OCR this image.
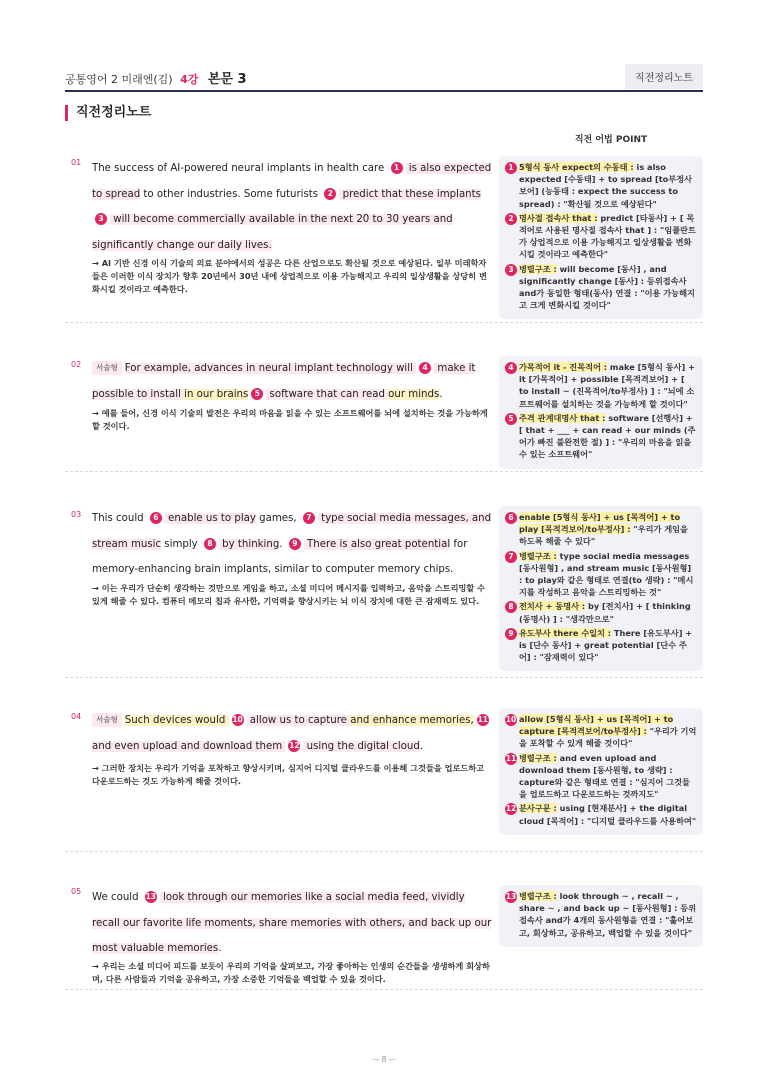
공통영어 2 미래엔(김) 4강 본문 3	직전정리노트
직전정리노트
직전 어법 POINT
01
The success of AI-powered neural implants in health care 1 is also expected to spread to other industries. Some futurists 2 predict that these implants 3 will become commercially available in the next 20 to 30 years and significantly change our daily lives.
→ AI 기반 신경 이식 기술의 의료 분야에서의 성공은 다른 산업으로도 확산될 것으로 예상된다. 일부 미래학자들은 이러한 이식 장치가 향후 20년에서 30년 내에 상업적으로 이용 가능해지고 우리의 일상생활을 상당히 변화시킬 것이라고 예측한다.
1 5형식 동사 expect의 수동태 : is also expected [수동태] + to spread [to부정사 보어] (능동태 : expect the success to spread) : "확산될 것으로 예상된다"
2 명사절 접속사 that : predict [타동사] + [ 목적어로 사용된 명사절 접속사 that ] : "임플란트가 상업적으로 이용 가능해지고 일상생활을 변화시킬 것이라고 예측한다"
3 병렬구조 : will become [동사] , and significantly change [동사] : 등위접속사 and가 동일한 형태(동사) 연결 : "이용 가능해지고 크게 변화시킬 것이다"
02	서술형 For example, advances in neural implant technology will 4 make it possible to install in our brains 5 software that can read our minds.
→ 예를 들어, 신경 이식 기술의 발전은 우리의 마음을 읽을 수 있는 소프트웨어를 뇌에 설치하는 것을 가능하게 할 것이다.
4 가목적어 it - 진목적어 : make [5형식 동사] + it [가목적어] + possible [목적격보어] + [ to install ~ (진목적어/to부정사) ] : "뇌에 소프트웨어를 설치하는 것을 가능하게 할 것이다"
5 주격 관계대명사 that : software [선행사] + [ that + ___ + can read + our minds (주어가 빠진 불완전한 절) ] : "우리의 마음을 읽을 수 있는 소프트웨어"
03 This could 6 enable us to play games, 7 type social media messages, and stream music simply 8 by thinking. 9 There is also great potential for memory-enhancing brain implants, similar to computer memory chips.
→ 이는 우리가 단순히 생각하는 것만으로 게임을 하고, 소셜 미디어 메시지를 입력하고, 음악을 스트리밍할 수 있게 해줄 수 있다. 컴퓨터 메모리 칩과 유사한, 기억력을 향상시키는 뇌 이식 장치에 대한 큰 잠재력도 있다.
6 enable [5형식 동사] + us [목적어] + to play [목적격보어/to부정사] : "우리가 게임을 하도록 해줄 수 있다"
7 병렬구조 : type social media messages [동사원형] , and stream music [동사원형] : to play와 같은 형태로 연결(to 생략) : "메시지를 작성하고 음악을 스트리밍하는 것"
8 전치사 + 동명사 : by [전치사] + [ thinking (동명사) ] : "생각만으로"
9 유도부사 there 수일치 : There [유도부사] + is [단수 동사] + great potential [단수 주어] : "잠재력이 있다"
04	서술형 Such devices would 10 allow us to capture and enhance memories, 11 and even upload and download them 12 using the digital cloud.
→ 그러한 장치는 우리가 기억을 포착하고 향상시키며, 심지어 디지털 클라우드를 이용해 그것들을 업로드하고 다운로드하는 것도 가능하게 해줄 것이다.
10 allow [5형식 동사] + us [목적어] + to capture [목적격보어/to부정사] : "우리가 기억을 포착할 수 있게 해줄 것이다"
11 병렬구조 : and even upload and download them [동사원형, to 생략] : capture와 같은 형태로 연결 : "심지어 그것들을 업로드하고 다운로드하는 것까지도"
12 분사구문 : using [현재분사] + the digital cloud [목적어] : "디지털 클라우드를 사용하여"
05
We could 13 look through our memories like a social media feed, vividly recall our favorite life moments, share memories with others, and back up our most valuable memories.
→ 우리는 소셜 미디어 피드를 보듯이 우리의 기억을 살펴보고, 가장 좋아하는 인생의 순간들을 생생하게 회상하며, 다른 사람들과 기억을 공유하고, 가장 소중한 기억들을 백업할 수 있을 것이다.
13 병렬구조 : look through ~ , recall ~ , share ~ , and back up ~ [동사원형] : 등위접속사 and가 4개의 동사원형을 연결 : "훑어보고, 회상하고, 공유하고, 백업할 수 있을 것이다"
— 8 —
